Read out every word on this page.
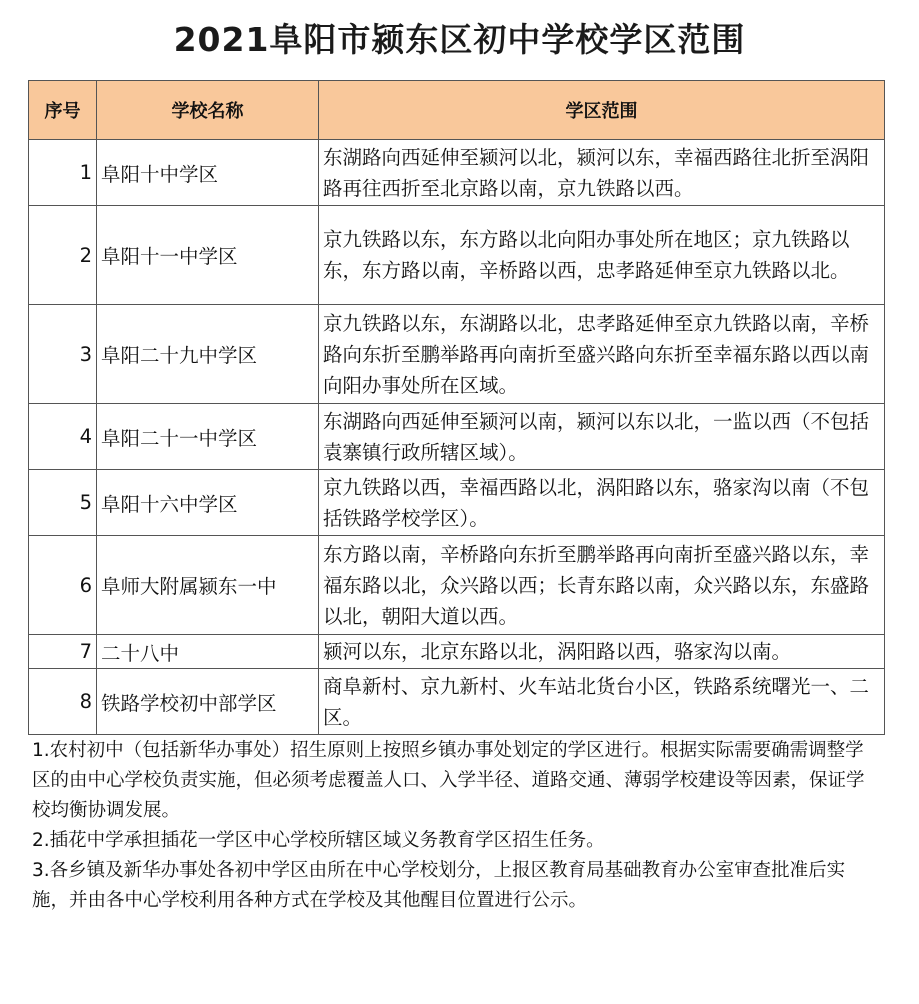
2021阜阳市颍东区初中学校学区范围
序号	学校名称	学区范围
1	阜阳十中学区	东湖路向西延伸至颍河以北，颍河以东，幸福西路往北折至涡阳路再往西折至北京路以南，京九铁路以西。
2	阜阳十一中学区	京九铁路以东，东方路以北向阳办事处所在地区；京九铁路以东，东方路以南，辛桥路以西，忠孝路延伸至京九铁路以北。
3	阜阳二十九中学区	京九铁路以东，东湖路以北，忠孝路延伸至京九铁路以南，辛桥路向东折至鹏举路再向南折至盛兴路向东折至幸福东路以西以南向阳办事处所在区域。
4	阜阳二十一中学区	东湖路向西延伸至颍河以南，颍河以东以北，一监以西（不包括袁寨镇行政所辖区域）。
5	阜阳十六中学区	京九铁路以西，幸福西路以北，涡阳路以东，骆家沟以南（不包括铁路学校学区）。
6	阜师大附属颍东一中	东方路以南，辛桥路向东折至鹏举路再向南折至盛兴路以东，幸福东路以北，众兴路以西；长青东路以南，众兴路以东，东盛路以北，朝阳大道以西。
7	二十八中	颍河以东，北京东路以北，涡阳路以西，骆家沟以南。
8	铁路学校初中部学区	商阜新村、京九新村、火车站北货台小区，铁路系统曙光一、二区。

1.农村初中（包括新华办事处）招生原则上按照乡镇办事处划定的学区进行。根据实际需要确需调整学区的由中心学校负责实施，但必须考虑覆盖人口、入学半径、道路交通、薄弱学校建设等因素，保证学校均衡协调发展。

2.插花中学承担插花一学区中心学校所辖区域义务教育学区招生任务。

3.各乡镇及新华办事处各初中学区由所在中心学校划分，上报区教育局基础教育办公室审查批准后实施，并由各中心学校利用各种方式在学校及其他醒目位置进行公示。
